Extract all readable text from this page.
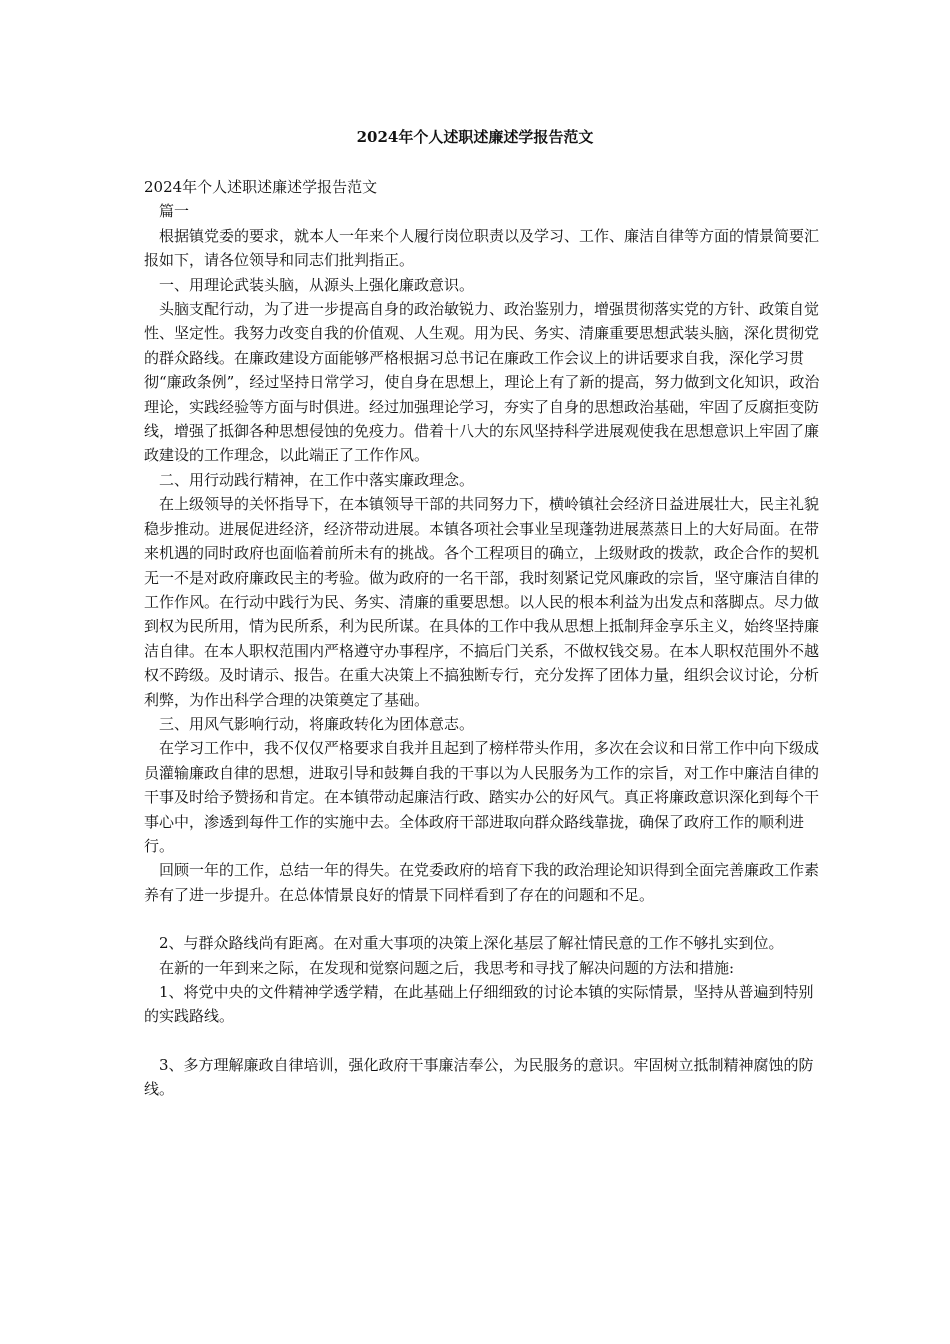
2024年个人述职述廉述学报告范文

2024年个人述职述廉述学报告范文

篇一

根据镇党委的要求，就本人一年来个人履行岗位职责以及学习、工作、廉洁自律等方面的情景简要汇报如下，请各位领导和同志们批判指正。

一、用理论武装头脑，从源头上强化廉政意识。

头脑支配行动，为了进一步提高自身的政治敏锐力、政治鉴别力，增强贯彻落实党的方针、政策自觉性、坚定性。我努力改变自我的价值观、人生观。用为民、务实、清廉重要思想武装头脑，深化贯彻党的群众路线。在廉政建设方面能够严格根据习总书记在廉政工作会议上的讲话要求自我，深化学习贯彻“廉政条例”，经过坚持日常学习，使自身在思想上，理论上有了新的提高，努力做到文化知识，政治理论，实践经验等方面与时俱进。经过加强理论学习，夯实了自身的思想政治基础，牢固了反腐拒变防线，增强了抵御各种思想侵蚀的免疫力。借着十八大的东风坚持科学进展观使我在思想意识上牢固了廉政建设的工作理念，以此端正了工作作风。

二、用行动践行精神，在工作中落实廉政理念。

在上级领导的关怀指导下，在本镇领导干部的共同努力下，横岭镇社会经济日益进展壮大，民主礼貌稳步推动。进展促进经济，经济带动进展。本镇各项社会事业呈现蓬勃进展蒸蒸日上的大好局面。在带来机遇的同时政府也面临着前所未有的挑战。各个工程项目的确立，上级财政的拨款，政企合作的契机无一不是对政府廉政民主的考验。做为政府的一名干部，我时刻紧记党风廉政的宗旨，坚守廉洁自律的工作作风。在行动中践行为民、务实、清廉的重要思想。以人民的根本利益为出发点和落脚点。尽力做到权为民所用，情为民所系，利为民所谋。在具体的工作中我从思想上抵制拜金享乐主义，始终坚持廉洁自律。在本人职权范围内严格遵守办事程序，不搞后门关系，不做权钱交易。在本人职权范围外不越权不跨级。及时请示、报告。在重大决策上不搞独断专行，充分发挥了团体力量，组织会议讨论，分析利弊，为作出科学合理的决策奠定了基础。

三、用风气影响行动，将廉政转化为团体意志。

在学习工作中，我不仅仅严格要求自我并且起到了榜样带头作用，多次在会议和日常工作中向下级成员灌输廉政自律的思想，进取引导和鼓舞自我的干事以为人民服务为工作的宗旨，对工作中廉洁自律的干事及时给予赞扬和肯定。在本镇带动起廉洁行政、踏实办公的好风气。真正将廉政意识深化到每个干事心中，渗透到每件工作的实施中去。全体政府干部进取向群众路线靠拢，确保了政府工作的顺利进行。

回顾一年的工作，总结一年的得失。在党委政府的培育下我的政治理论知识得到全面完善廉政工作素养有了进一步提升。在总体情景良好的情景下同样看到了存在的问题和不足。

2、与群众路线尚有距离。在对重大事项的决策上深化基层了解社情民意的工作不够扎实到位。

在新的一年到来之际，在发现和觉察问题之后，我思考和寻找了解决问题的方法和措施:

1、将党中央的文件精神学透学精，在此基础上仔细细致的讨论本镇的实际情景，坚持从普遍到特别的实践路线。

3、多方理解廉政自律培训，强化政府干事廉洁奉公，为民服务的意识。牢固树立抵制精神腐蚀的防线。
